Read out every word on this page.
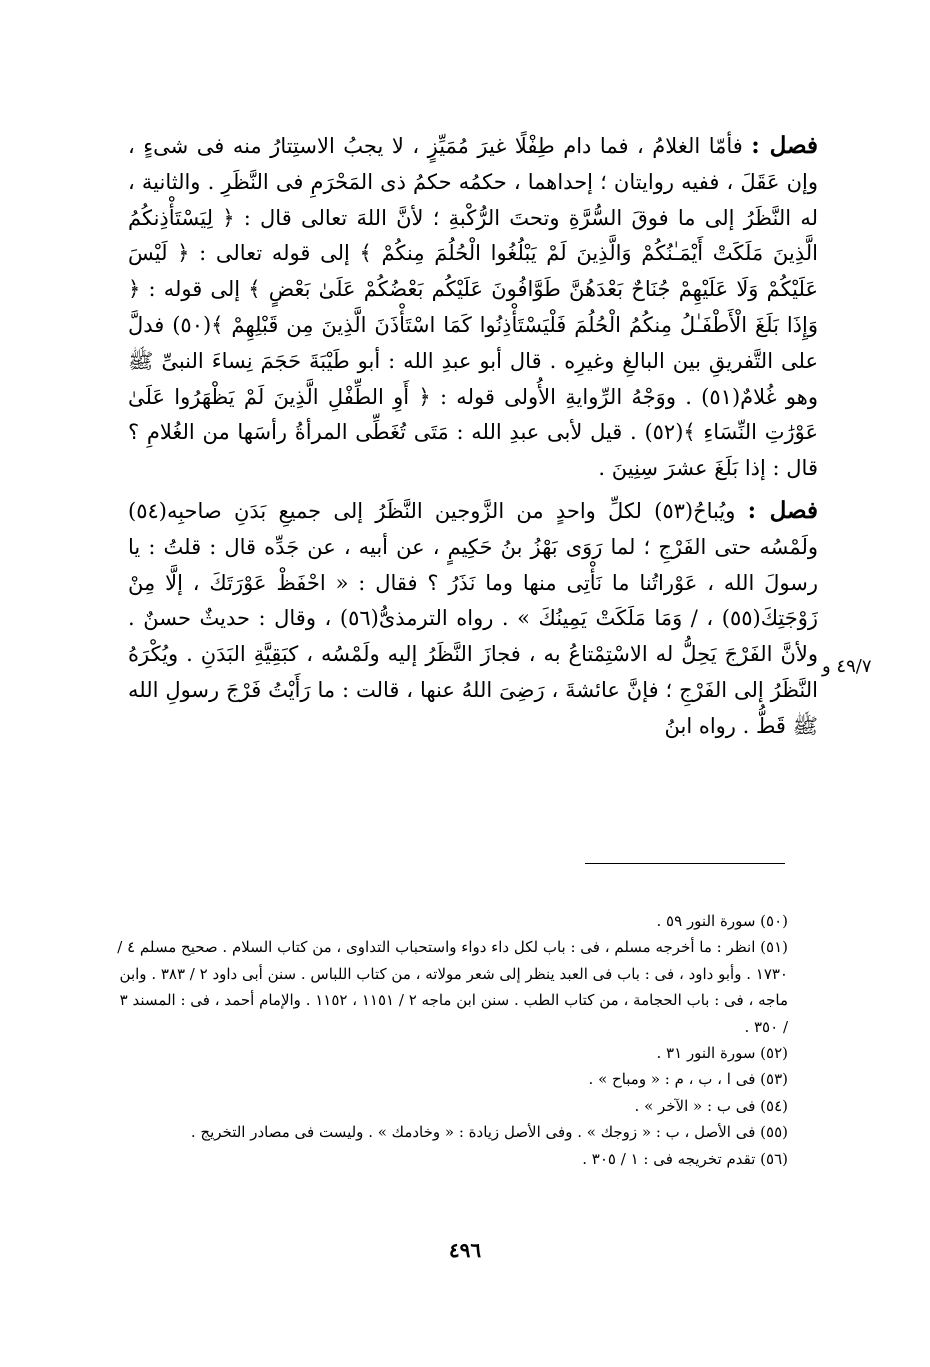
فصل : فأمّا الغلامُ ، فما دام طِفْلًا غيرَ مُمَيِّزٍ ، لا يجبُ الاستِتارُ منه فى شىءٍ ، وإن عَقَلَ ، ففيه روايتان ؛ إحداهما ، حكمُه حكمُ ذى المَحْرَمِ فى النَّظَرِ . والثانية ، له النَّظَرُ إلى ما فوقَ السُّرَّةِ وتحتَ الرُّكْبةِ ؛ لأنَّ اللهَ تعالى قال : ﴿ لِيَسْتَأْذِنكُمُ الَّذِينَ مَلَكَتْ أَيْمَـٰنُكُمْ وَالَّذِينَ لَمْ يَبْلُغُوا الْحُلُمَ مِنكُمْ ﴾ إلى قوله تعالى : ﴿ لَيْسَ عَلَيْكُمْ وَلَا عَلَيْهِمْ جُنَاحٌ بَعْدَهُنَّ طَوَّافُونَ عَلَيْكُم بَعْضُكُمْ عَلَىٰ بَعْضٍ ﴾ إلى قوله : ﴿ وَإِذَا بَلَغَ الْأَطْفَـٰلُ مِنكُمُ الْحُلُمَ فَلْيَسْتَأْذِنُوا كَمَا اسْتَأْذَنَ الَّذِينَ مِن قَبْلِهِمْ ﴾(٥٠) فدلَّ على التَّفريقِ بين البالغِ وغيرِه . قال أبو عبدِ الله : أبو طَيْبَةَ حَجَمَ نِساءَ النبىِّ ﷺ وهو غُلامٌ(٥١) . ووَجْهُ الرِّوايةِ الأُولى قوله : ﴿ أَوِ الطِّفْلِ الَّذِينَ لَمْ يَظْهَرُوا عَلَىٰ عَوْرَٰتِ النِّسَاءِ ﴾(٥٢) . قيل لأبى عبدِ الله : مَتَى تُغَطِّى المرأةُ رأسَها من الغُلامِ ؟ قال : إذا بَلَغَ عشرَ سِنِينَ .

فصل : ويُباحُ(٥٣) لكلِّ واحدٍ من الزَّوجين النَّظَرُ إلى جميعِ بَدَنِ صاحبِه(٥٤) ولَمْسُه حتى الفَرْجِ ؛ لما رَوَى بَهْزُ بنُ حَكِيمٍ ، عن أبيه ، عن جَدِّه قال : قلتُ : يا رسولَ الله ، عَوْراتُنا ما نَأْتِى منها وما نَذَرُ ؟ فقال : « احْفَظْ عَوْرَتَكَ ، إلَّا مِنْ زَوْجَتِكَ(٥٥) ، / وَمَا مَلَكَتْ يَمِينُكَ » . رواه الترمذىُّ(٥٦) ، وقال : حديثٌ حسنٌ . ولأنَّ الفَرْجَ يَحِلُّ له الاسْتِمْتاعُ به ، فجازَ النَّظَرُ إليه ولَمْسُه ، كبَقِيَّةِ البَدَنِ . ويُكْرَهُ النَّظَرُ إلى الفَرْجِ ؛ فإنَّ عائشةَ ، رَضِىَ اللهُ عنها ، قالت : ما رَأَيْتُ فَرْجَ رسولِ الله ﷺ قَطُّ . رواه ابنُ

٤٩/٧ و

(٥٠) سورة النور ٥٩ .

(٥١) انظر : ما أخرجه مسلم ، فى : باب لكل داء دواء واستحباب التداوى ، من كتاب السلام . صحيح مسلم ٤ / ١٧٣٠ . وأبو داود ، فى : باب فى العبد ينظر إلى شعر مولاته ، من كتاب اللباس . سنن أبى داود ٢ / ٣٨٣ . وابن ماجه ، فى : باب الحجامة ، من كتاب الطب . سنن ابن ماجه ٢ / ١١٥١ ، ١١٥٢ . والإمام أحمد ، فى : المسند ٣ / ٣٥٠ .

(٥٢) سورة النور ٣١ .

(٥٣) فى ا ، ب ، م : « ومباح » .

(٥٤) فى ب : « الآخر » .

(٥٥) فى الأصل ، ب : « زوجك » . وفى الأصل زيادة : « وخادمك » . وليست فى مصادر التخريج .

(٥٦) تقدم تخريجه فى : ١ / ٣٠٥ .

٤٩٦
